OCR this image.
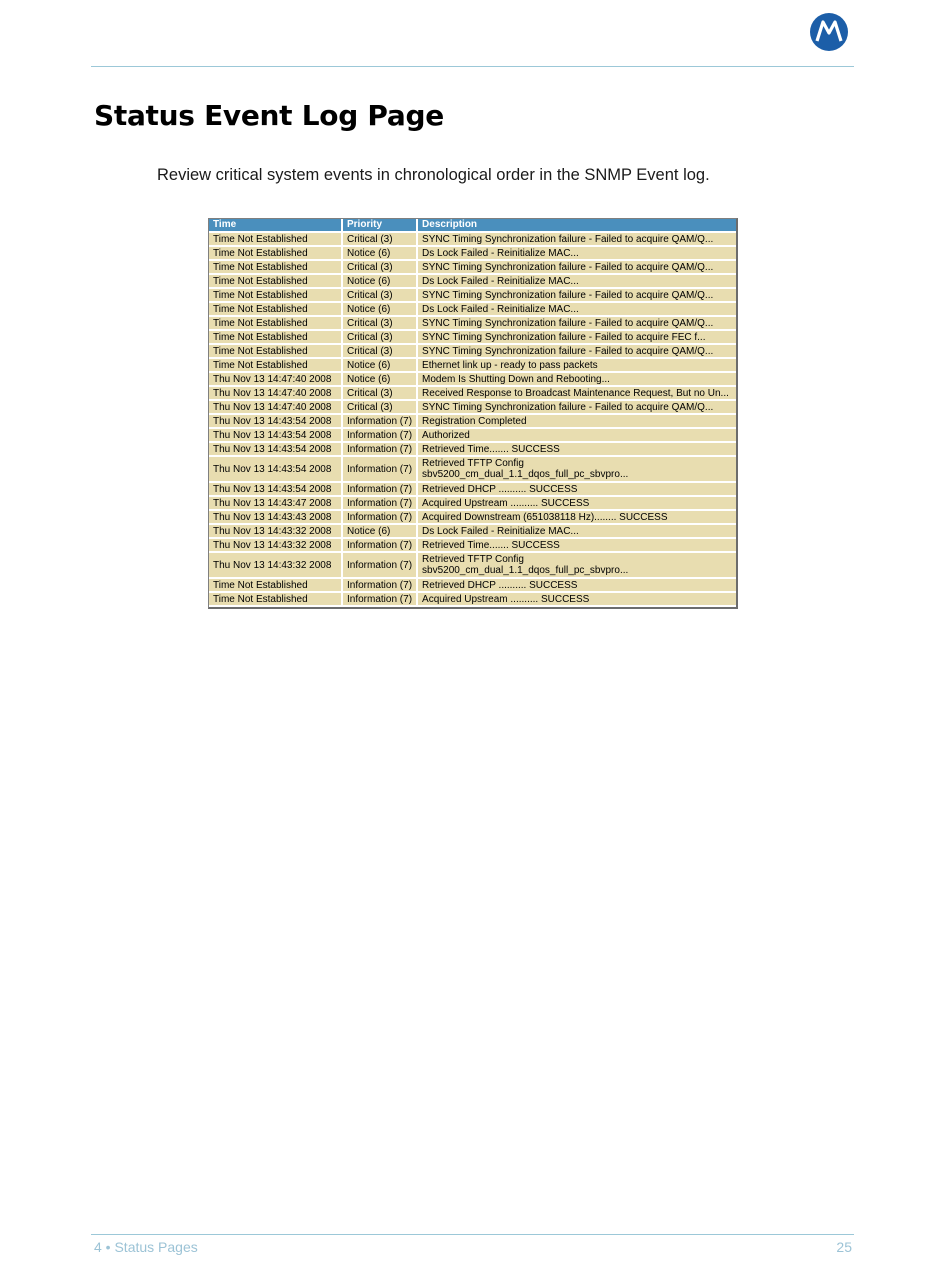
Status Event Log Page

Review critical system events in chronological order in the SNMP Event log.

Time	Priority	Description
Time Not Established	Critical (3)	SYNC Timing Synchronization failure - Failed to acquire QAM/Q...
Time Not Established	Notice (6)	Ds Lock Failed - Reinitialize MAC...
Time Not Established	Critical (3)	SYNC Timing Synchronization failure - Failed to acquire QAM/Q...
Time Not Established	Notice (6)	Ds Lock Failed - Reinitialize MAC...
Time Not Established	Critical (3)	SYNC Timing Synchronization failure - Failed to acquire QAM/Q...
Time Not Established	Notice (6)	Ds Lock Failed - Reinitialize MAC...
Time Not Established	Critical (3)	SYNC Timing Synchronization failure - Failed to acquire QAM/Q...
Time Not Established	Critical (3)	SYNC Timing Synchronization failure - Failed to acquire FEC f...
Time Not Established	Critical (3)	SYNC Timing Synchronization failure - Failed to acquire QAM/Q...
Time Not Established	Notice (6)	Ethernet link up - ready to pass packets
Thu Nov 13 14:47:40 2008	Notice (6)	Modem Is Shutting Down and Rebooting...
Thu Nov 13 14:47:40 2008	Critical (3)	Received Response to Broadcast Maintenance Request, But no Un...
Thu Nov 13 14:47:40 2008	Critical (3)	SYNC Timing Synchronization failure - Failed to acquire QAM/Q...
Thu Nov 13 14:43:54 2008	Information (7)	Registration Completed
Thu Nov 13 14:43:54 2008	Information (7)	Authorized
Thu Nov 13 14:43:54 2008	Information (7)	Retrieved Time....... SUCCESS
Thu Nov 13 14:43:54 2008	Information (7)	Retrieved TFTP Config sbv5200_cm_dual_1.1_dqos_full_pc_sbvpro...
Thu Nov 13 14:43:54 2008	Information (7)	Retrieved DHCP .......... SUCCESS
Thu Nov 13 14:43:47 2008	Information (7)	Acquired Upstream .......... SUCCESS
Thu Nov 13 14:43:43 2008	Information (7)	Acquired Downstream (651038118 Hz)........ SUCCESS
Thu Nov 13 14:43:32 2008	Notice (6)	Ds Lock Failed - Reinitialize MAC...
Thu Nov 13 14:43:32 2008	Information (7)	Retrieved Time....... SUCCESS
Thu Nov 13 14:43:32 2008	Information (7)	Retrieved TFTP Config sbv5200_cm_dual_1.1_dqos_full_pc_sbvpro...
Time Not Established	Information (7)	Retrieved DHCP .......... SUCCESS
Time Not Established	Information (7)	Acquired Upstream .......... SUCCESS
4 • Status Pages	25
